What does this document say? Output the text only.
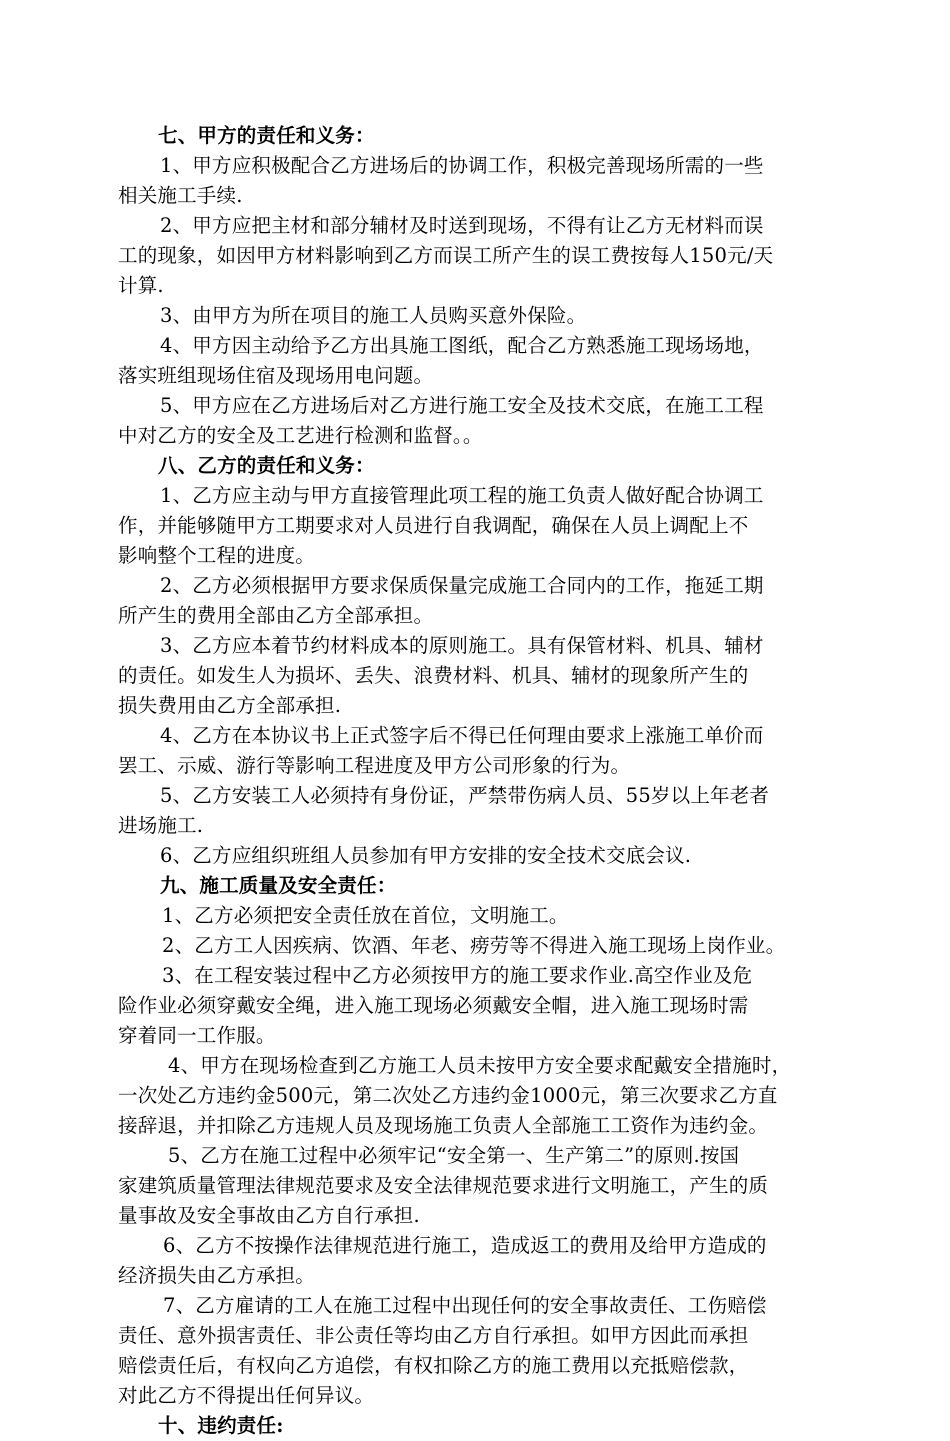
七、甲方的责任和义务：
1、甲方应积极配合乙方进场后的协调工作，积极完善现场所需的一些
相关施工手续.
2、甲方应把主材和部分辅材及时送到现场，不得有让乙方无材料而误
工的现象，如因甲方材料影响到乙方而误工所产生的误工费按每人150元/天
计算.
3、由甲方为所在项目的施工人员购买意外保险。
4、甲方因主动给予乙方出具施工图纸，配合乙方熟悉施工现场场地，
落实班组现场住宿及现场用电问题。
5、甲方应在乙方进场后对乙方进行施工安全及技术交底，在施工工程
中对乙方的安全及工艺进行检测和监督。。
八、乙方的责任和义务：
1、乙方应主动与甲方直接管理此项工程的施工负责人做好配合协调工
作，并能够随甲方工期要求对人员进行自我调配，确保在人员上调配上不
影响整个工程的进度。
2、乙方必须根据甲方要求保质保量完成施工合同内的工作，拖延工期
所产生的费用全部由乙方全部承担。
3、乙方应本着节约材料成本的原则施工。具有保管材料、机具、辅材
的责任。如发生人为损坏、丢失、浪费材料、机具、辅材的现象所产生的
损失费用由乙方全部承担.
4、乙方在本协议书上正式签字后不得已任何理由要求上涨施工单价而
罢工、示威、游行等影响工程进度及甲方公司形象的行为。
5、乙方安装工人必须持有身份证，严禁带伤病人员、55岁以上年老者
进场施工.
6、乙方应组织班组人员参加有甲方安排的安全技术交底会议.
九、施工质量及安全责任：
1、乙方必须把安全责任放在首位，文明施工。
2、乙方工人因疾病、饮酒、年老、痨劳等不得进入施工现场上岗作业。
3、在工程安装过程中乙方必须按甲方的施工要求作业.高空作业及危
险作业必须穿戴安全绳，进入施工现场必须戴安全帽，进入施工现场时需
穿着同一工作服。
4、甲方在现场检查到乙方施工人员未按甲方安全要求配戴安全措施时，
一次处乙方违约金500元，第二次处乙方违约金1000元，第三次要求乙方直
接辞退，并扣除乙方违规人员及现场施工负责人全部施工工资作为违约金。
5、乙方在施工过程中必须牢记“安全第一、生产第二”的原则.按国
家建筑质量管理法律规范要求及安全法律规范要求进行文明施工，产生的质
量事故及安全事故由乙方自行承担.
6、乙方不按操作法律规范进行施工，造成返工的费用及给甲方造成的
经济损失由乙方承担。
7、乙方雇请的工人在施工过程中出现任何的安全事故责任、工伤赔偿
责任、意外损害责任、非公责任等均由乙方自行承担。如甲方因此而承担
赔偿责任后，有权向乙方追偿，有权扣除乙方的施工费用以充抵赔偿款，
对此乙方不得提出任何异议。
十、违约责任:
